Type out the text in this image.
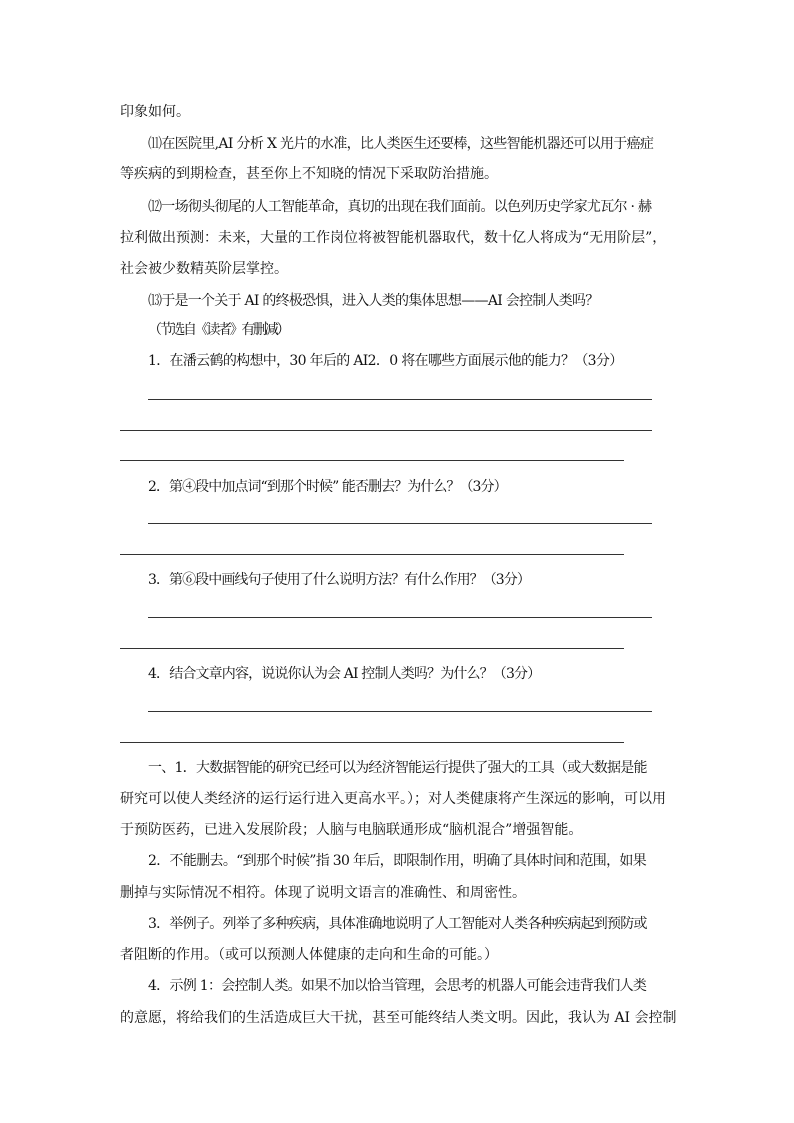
印象如何。
⑾在医院里,AI 分析 X 光片的水准，比人类医生还要棒，这些智能机器还可以用于癌症
等疾病的到期检查，甚至你上不知晓的情况下采取防治措施。
⑿一场彻头彻尾的人工智能革命，真切的出现在我们面前。以色列历史学家尤瓦尔 · 赫
拉利做出预测：未来，大量的工作岗位将被智能机器取代，数十亿人将成为“无用阶层”，
社会被少数精英阶层掌控。
⒀于是一个关于 AI 的终极恐惧，进入人类的集体思想——AI 会控制人类吗？
（节选自《读者》有删减）
1．在潘云鹤的构想中，30 年后的 AI2．0 将在哪些方面展示他的能力？（3分）
2．第④段中加点词“到那个时候” 能否删去？为什么？（3分）
3．第⑥段中画线句子使用了什么说明方法？有什么作用？（3分）
4．结合文章内容，说说你认为会 AI 控制人类吗？为什么？（3分）
一、1．大数据智能的研究已经可以为经济智能运行提供了强大的工具（或大数据是能
研究可以使人类经济的运行运行进入更高水平。）；对人类健康将产生深远的影响，可以用
于预防医药，已进入发展阶段；人脑与电脑联通形成“脑机混合”增强智能。
2．不能删去。“到那个时候”指 30 年后，即限制作用，明确了具体时间和范围，如果
删掉与实际情况不相符。体现了说明文语言的准确性、和周密性。
3．举例子。列举了多种疾病，具体准确地说明了人工智能对人类各种疾病起到预防或
者阻断的作用。（或可以预测人体健康的走向和生命的可能。）
4．示例 1：会控制人类。如果不加以恰当管理，会思考的机器人可能会违背我们人类
的意愿，将给我们的生活造成巨大干扰，甚至可能终结人类文明。因此，我认为 AI 会控制
